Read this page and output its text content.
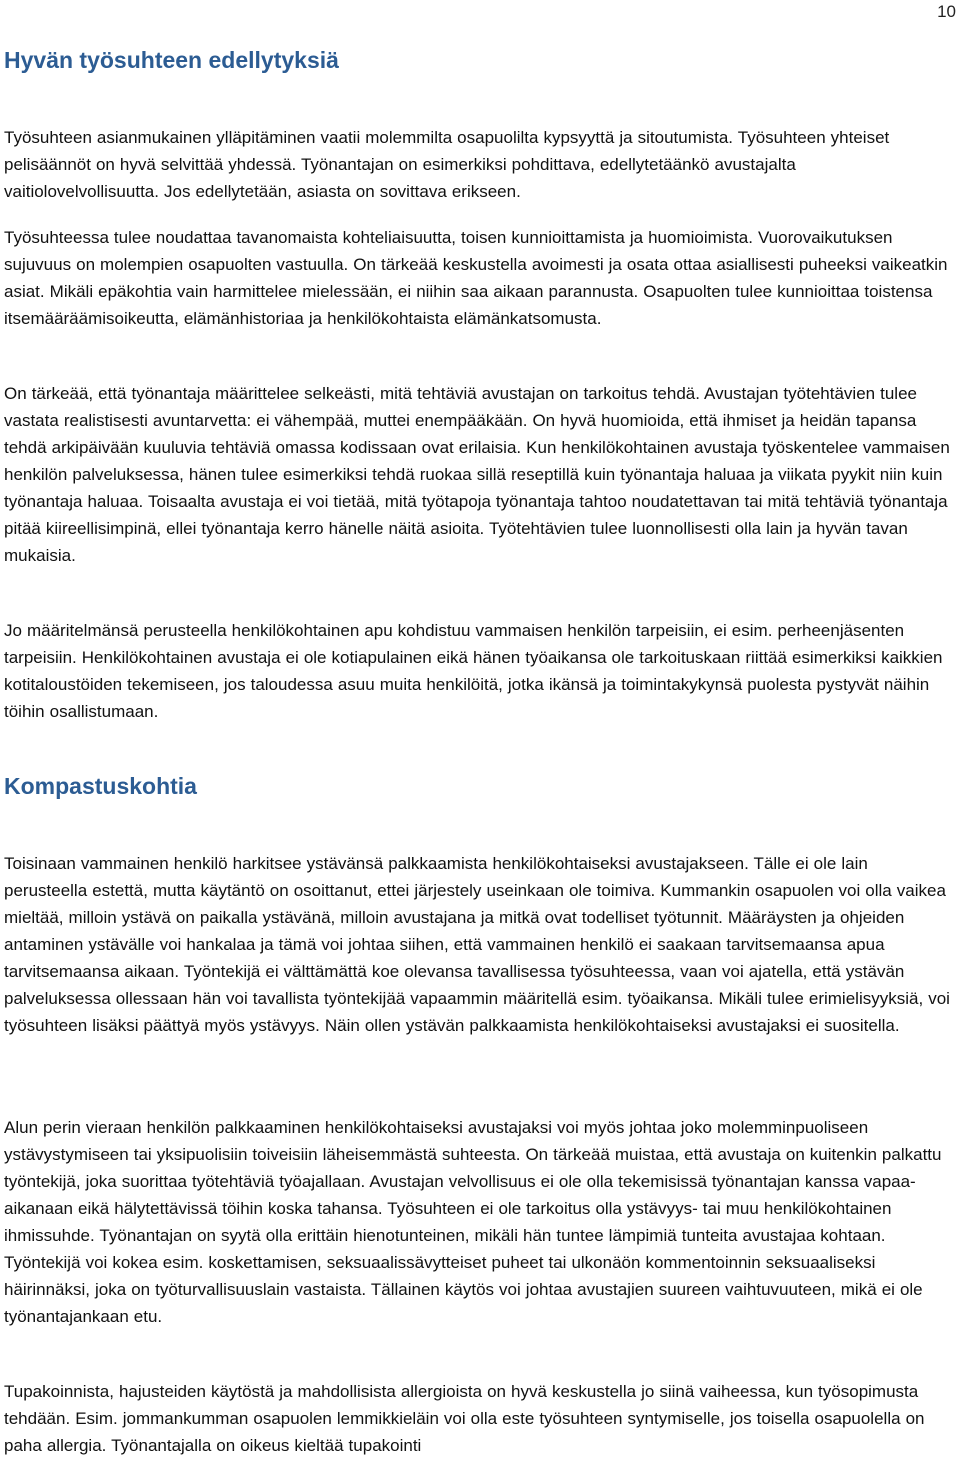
10
Hyvän työsuhteen edellytyksiä

Työsuhteen asianmukainen ylläpitäminen vaatii molemmilta osapuolilta kypsyyttä ja sitoutumista. Työsuhteen yhteiset pelisäännöt on hyvä selvittää yhdessä. Työnantajan on esimerkiksi pohdittava, edellytetäänkö avustajalta vaitiolovelvollisuutta. Jos edellytetään, asiasta on sovittava erikseen.

Työsuhteessa tulee noudattaa tavanomaista kohteliaisuutta, toisen kunnioittamista ja huomioimista. Vuorovaikutuksen sujuvuus on molempien osapuolten vastuulla. On tärkeää keskustella avoimesti ja osata ottaa asiallisesti puheeksi vaikeatkin asiat. Mikäli epäkohtia vain harmittelee mielessään, ei niihin saa aikaan parannusta. Osapuolten tulee kunnioittaa toistensa itsemääräämisoikeutta, elämänhistoriaa ja henkilökohtaista elämänkatsomusta.

On tärkeää, että työnantaja määrittelee selkeästi, mitä tehtäviä avustajan on tarkoitus tehdä. Avustajan työtehtävien tulee vastata realistisesti avuntarvetta: ei vähempää, muttei enempääkään. On hyvä huomioida, että ihmiset ja heidän tapansa tehdä arkipäivään kuuluvia tehtäviä omassa kodissaan ovat erilaisia. Kun henkilökohtainen avustaja työskentelee vammaisen henkilön palveluksessa, hänen tulee esimerkiksi tehdä ruokaa sillä reseptillä kuin työnantaja haluaa ja viikata pyykit niin kuin työnantaja haluaa. Toisaalta avustaja ei voi tietää, mitä työtapoja työnantaja tahtoo noudatettavan tai mitä tehtäviä työnantaja pitää kiireellisimpinä, ellei työnantaja kerro hänelle näitä asioita. Työtehtävien tulee luonnollisesti olla lain ja hyvän tavan mukaisia.

Jo määritelmänsä perusteella henkilökohtainen apu kohdistuu vammaisen henkilön tarpeisiin, ei esim. perheenjäsenten tarpeisiin. Henkilökohtainen avustaja ei ole kotiapulainen eikä hänen työaikansa ole tarkoituskaan riittää esimerkiksi kaikkien kotitaloustöiden tekemiseen, jos taloudessa asuu muita henkilöitä, jotka ikänsä ja toimintakykynsä puolesta pystyvät näihin töihin osallistumaan.

Kompastuskohtia

Toisinaan vammainen henkilö harkitsee ystävänsä palkkaamista henkilökohtaiseksi avustajakseen. Tälle ei ole lain perusteella estettä, mutta käytäntö on osoittanut, ettei järjestely useinkaan ole toimiva. Kummankin osapuolen voi olla vaikea mieltää, milloin ystävä on paikalla ystävänä, milloin avustajana ja mitkä ovat todelliset työtunnit. Määräysten ja ohjeiden antaminen ystävälle voi hankalaa ja tämä voi johtaa siihen, että vammainen henkilö ei saakaan tarvitsemaansa apua tarvitsemaansa aikaan. Työntekijä ei välttämättä koe olevansa tavallisessa työsuhteessa, vaan voi ajatella, että ystävän palveluksessa ollessaan hän voi tavallista työntekijää vapaammin määritellä esim. työaikansa. Mikäli tulee erimielisyyksiä, voi työsuhteen lisäksi päättyä myös ystävyys. Näin ollen ystävän palkkaamista henkilökohtaiseksi avustajaksi ei suositella.

Alun perin vieraan henkilön palkkaaminen henkilökohtaiseksi avustajaksi voi myös johtaa joko molemminpuoliseen ystävystymiseen tai yksipuolisiin toiveisiin läheisemmästä suhteesta. On tärkeää muistaa, että avustaja on kuitenkin palkattu työntekijä, joka suorittaa työtehtäviä työajallaan. Avustajan velvollisuus ei ole olla tekemisissä työnantajan kanssa vapaa-aikanaan eikä hälytettävissä töihin koska tahansa. Työsuhteen ei ole tarkoitus olla ystävyys- tai muu henkilökohtainen ihmissuhde. Työnantajan on syytä olla erittäin hienotunteinen, mikäli hän tuntee lämpimiä tunteita avustajaa kohtaan. Työntekijä voi kokea esim. koskettamisen, seksuaalissävytteiset puheet tai ulkonäön kommentoinnin seksuaaliseksi häirinnäksi, joka on työturvallisuuslain vastaista. Tällainen käytös voi johtaa avustajien suureen vaihtuvuuteen, mikä ei ole työnantajankaan etu.

Tupakoinnista, hajusteiden käytöstä ja mahdollisista allergioista on hyvä keskustella jo siinä vaiheessa, kun työsopimusta tehdään. Esim. jommankumman osapuolen lemmikkieläin voi olla este työsuhteen syntymiselle, jos toisella osapuolella on paha allergia. Työnantajalla on oikeus kieltää tupakointi
